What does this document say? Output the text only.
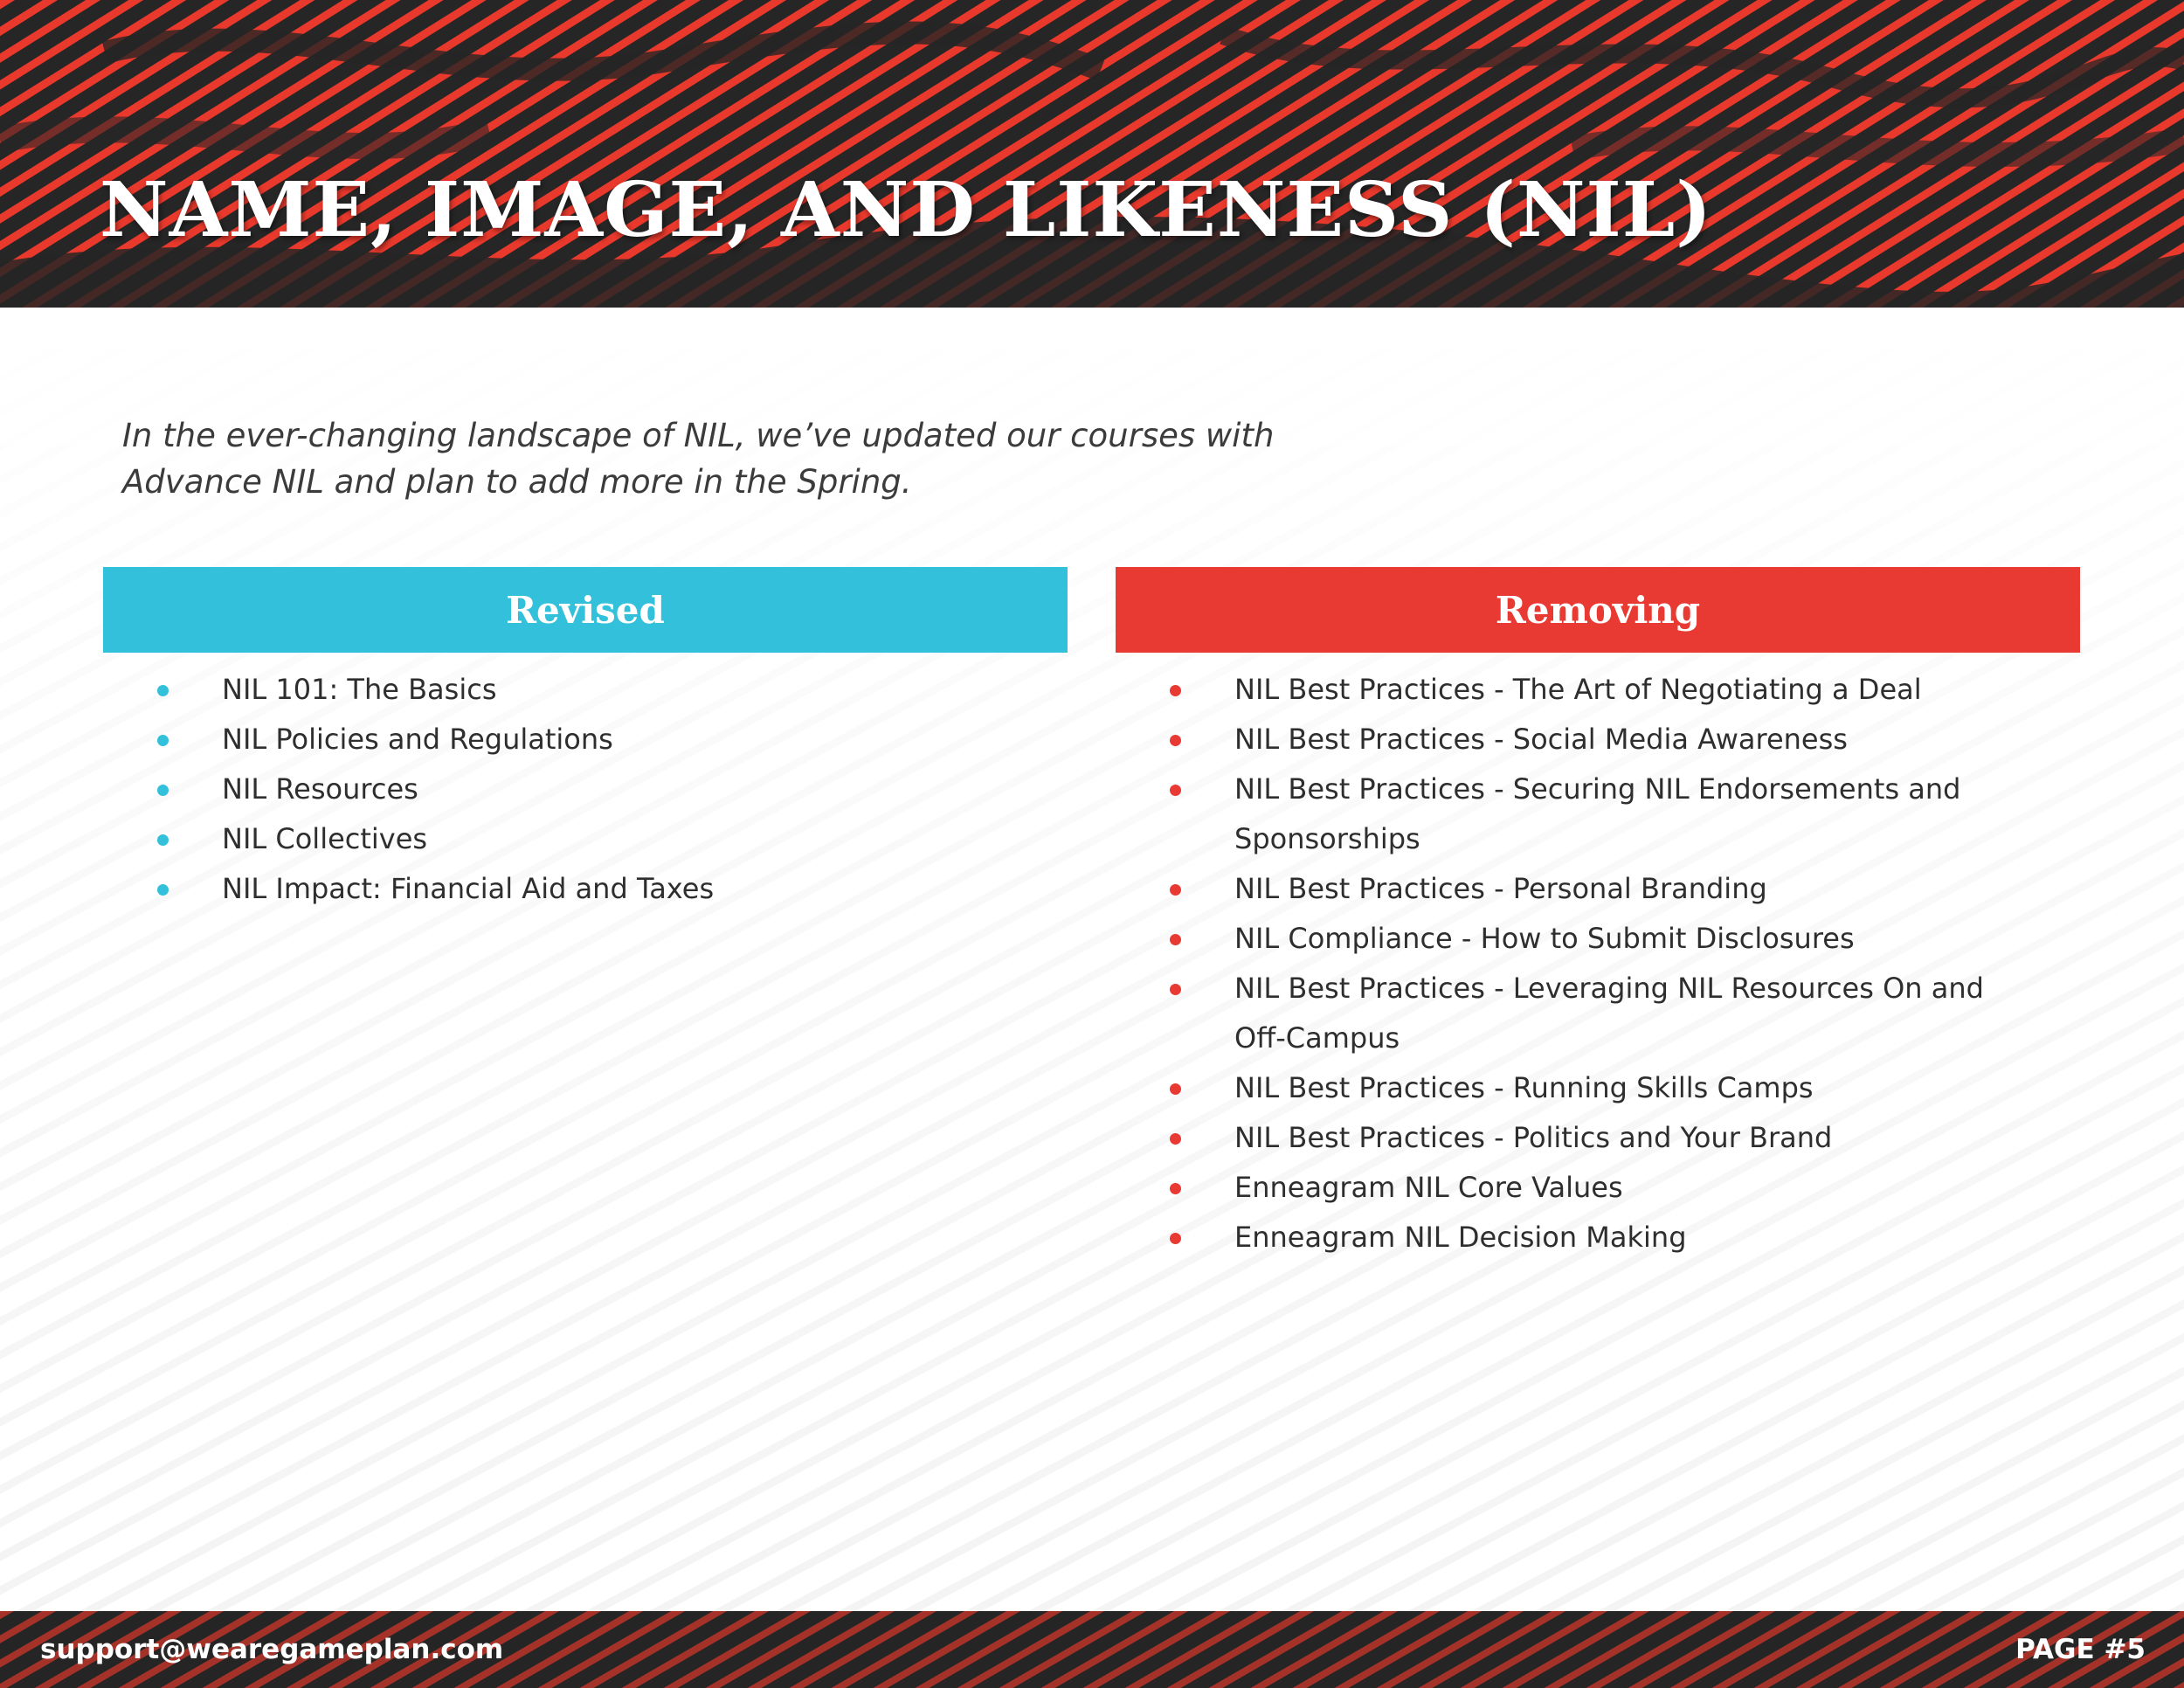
NAME, IMAGE, AND LIKENESS (NIL)

In the ever-changing landscape of NIL, we’ve updated our courses with Advance NIL and plan to add more in the Spring.

Revised
NIL 101: The Basics
NIL Policies and Regulations
NIL Resources
NIL Collectives
NIL Impact: Financial Aid and Taxes
Removing
NIL Best Practices - The Art of Negotiating a Deal
NIL Best Practices - Social Media Awareness
NIL Best Practices - Securing NIL Endorsements and Sponsorships
NIL Best Practices - Personal Branding
NIL Compliance - How to Submit Disclosures
NIL Best Practices - Leveraging NIL Resources On and Off-Campus
NIL Best Practices - Running Skills Camps
NIL Best Practices - Politics and Your Brand
Enneagram NIL Core Values
Enneagram NIL Decision Making
support@wearegameplan.com	PAGE #5
